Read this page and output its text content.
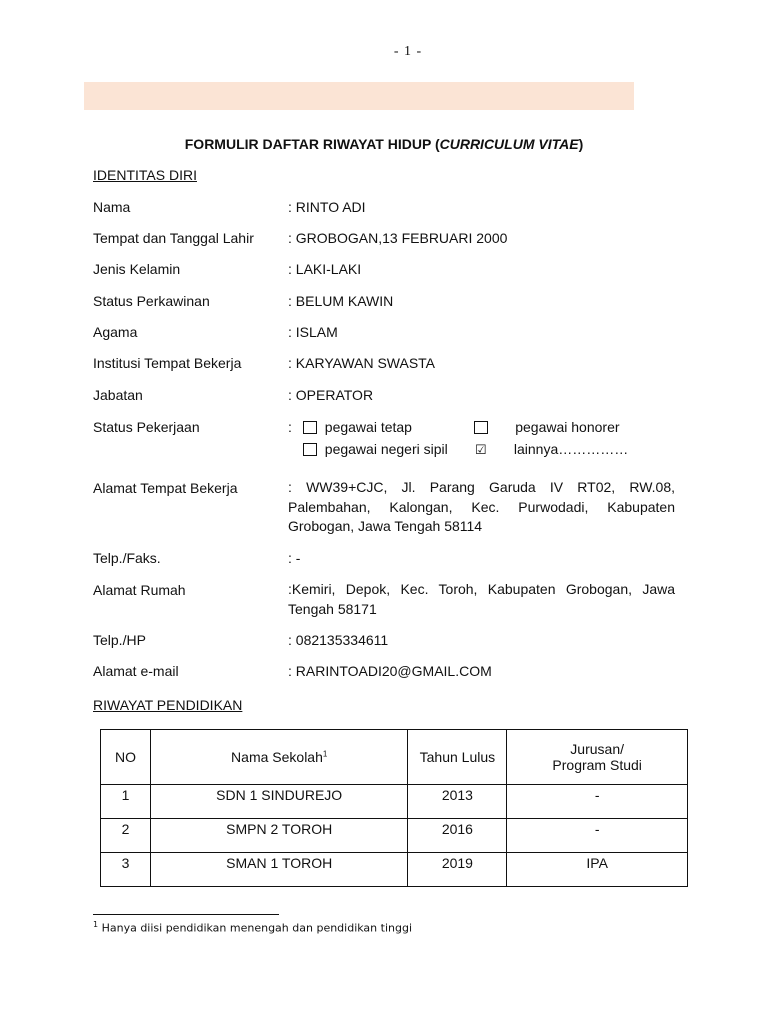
- 1 -
FORMULIR DAFTAR RIWAYAT HIDUP (CURRICULUM VITAE)
IDENTITAS DIRI
Nama	: RINTO ADI
Tempat dan Tanggal Lahir : GROBOGAN,13 FEBRUARI 2000
Jenis Kelamin	: LAKI-LAKI
Status Perkawinan	: BELUM KAWIN
Agama	: ISLAM
Institusi Tempat Bekerja	: KARYAWAN SWASTA
Jabatan	: OPERATOR
Status Pekerjaan	:	pegawai tetap	pegawai honorer
pegawai negeri sipil ☑ lainnya……………
Alamat Tempat Bekerja	: WW39+CJC, Jl. Parang Garuda IV RT02, RW.08, Palembahan, Kalongan, Kec. Purwodadi, Kabupaten Grobogan, Jawa Tengah 58114
Telp./Faks.	: -
Alamat Rumah	:Kemiri, Depok, Kec. Toroh, Kabupaten Grobogan, Jawa Tengah 58171
Telp./HP	: 082135334611
Alamat e-mail	: RARINTOADI20@GMAIL.COM
RIWAYAT PENDIDIKAN
NO	Nama Sekolah$^1$	Tahun Lulus	Jurusan/
Program Studi
1	SDN 1 SINDUREJO	2013	-
2	SMPN 2 TOROH	2016	-
3	SMAN 1 TOROH	2019	IPA
$^1$ Hanya diisi pendidikan menengah dan pendidikan tinggi
